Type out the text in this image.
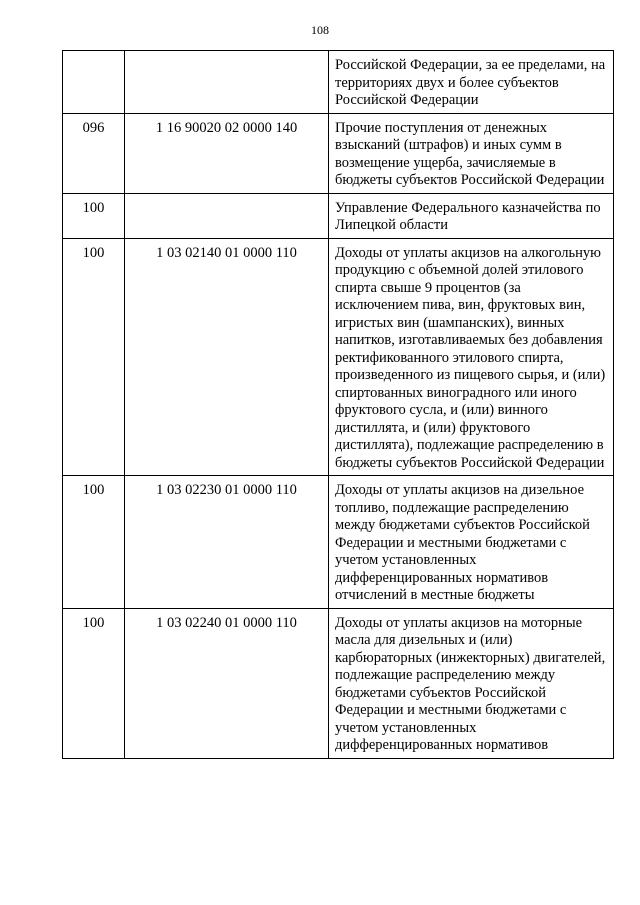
108
		Российской Федерации, за ее пределами, на территориях двух и более субъектов Российской Федерации
096	1 16 90020 02 0000 140	Прочие поступления от денежных взысканий (штрафов) и иных сумм в возмещение ущерба, зачисляемые в бюджеты субъектов Российской Федерации
100		Управление Федерального казначейства по Липецкой области
100	1 03 02140 01 0000 110	Доходы от уплаты акцизов на алкогольную продукцию с объемной долей этилового спирта свыше 9 процентов (за исключением пива, вин, фруктовых вин, игристых вин (шампанских), винных напитков, изготавливаемых без добавления ректификованного этилового спирта, произведенного из пищевого сырья, и (или) спиртованных виноградного или иного фруктового сусла, и (или) винного дистиллята, и (или) фруктового дистиллята), подлежащие распределению в бюджеты субъектов Российской Федерации
100	1 03 02230 01 0000 110	Доходы от уплаты акцизов на дизельное топливо, подлежащие распределению между бюджетами субъектов Российской Федерации и местными бюджетами с учетом установленных дифференцированных нормативов отчислений в местные бюджеты
100	1 03 02240 01 0000 110	Доходы от уплаты акцизов на моторные масла для дизельных и (или) карбюраторных (инжекторных) двигателей, подлежащие распределению между бюджетами субъектов Российской Федерации и местными бюджетами с учетом установленных дифференцированных нормативов
